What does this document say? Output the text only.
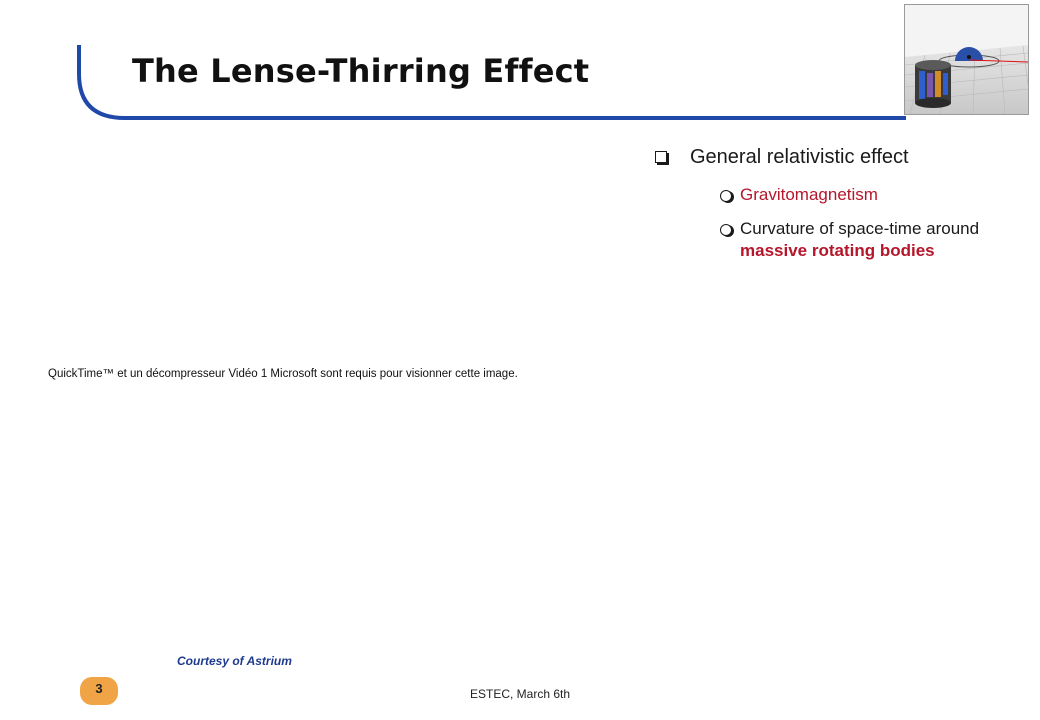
The Lense-Thirring Effect
General relativistic effect
Gravitomagnetism
Curvature of space-time around massive rotating bodies
QuickTime™ et un décompresseur Vidéo 1 Microsoft sont requis pour visionner cette image.
Courtesy of Astrium
3	ESTEC, March 6th
